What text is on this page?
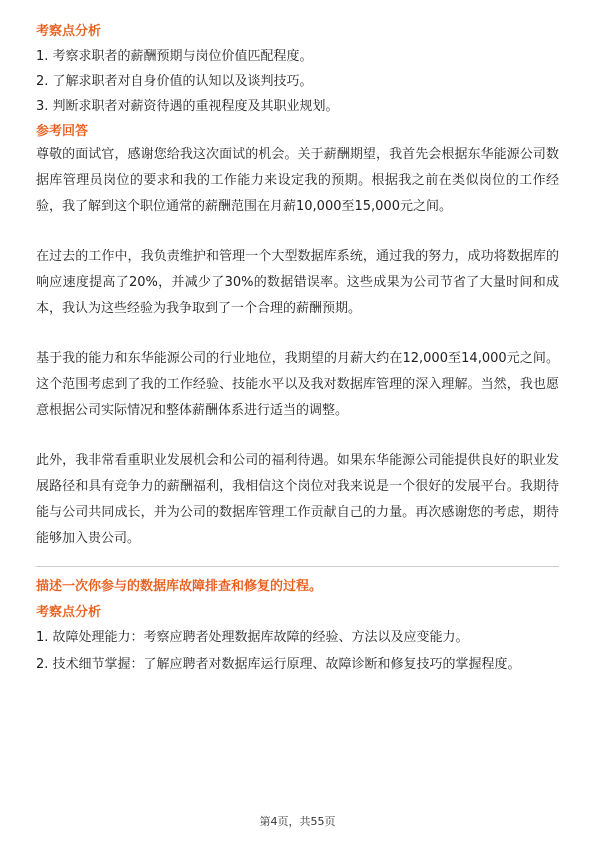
考察点分析
1. 考察求职者的薪酬预期与岗位价值匹配程度。
2. 了解求职者对自身价值的认知以及谈判技巧。
3. 判断求职者对薪资待遇的重视程度及其职业规划。
参考回答

尊敬的面试官，感谢您给我这次面试的机会。关于薪酬期望，我首先会根据东华能源公司数据库管理员岗位的要求和我的工作能力来设定我的预期。根据我之前在类似岗位的工作经验，我了解到这个职位通常的薪酬范围在月薪10,000至15,000元之间。

在过去的工作中，我负责维护和管理一个大型数据库系统，通过我的努力，成功将数据库的响应速度提高了20%，并减少了30%的数据错误率。这些成果为公司节省了大量时间和成本，我认为这些经验为我争取到了一个合理的薪酬预期。

基于我的能力和东华能源公司的行业地位，我期望的月薪大约在12,000至14,000元之间。这个范围考虑到了我的工作经验、技能水平以及我对数据库管理的深入理解。当然，我也愿意根据公司实际情况和整体薪酬体系进行适当的调整。

此外，我非常看重职业发展机会和公司的福利待遇。如果东华能源公司能提供良好的职业发展路径和具有竞争力的薪酬福利，我相信这个岗位对我来说是一个很好的发展平台。我期待能与公司共同成长，并为公司的数据库管理工作贡献自己的力量。再次感谢您的考虑，期待能够加入贵公司。

描述一次你参与的数据库故障排查和修复的过程。
考察点分析
1. 故障处理能力：考察应聘者处理数据库故障的经验、方法以及应变能力。
2. 技术细节掌握：了解应聘者对数据库运行原理、故障诊断和修复技巧的掌握程度。
第4页，共55页
